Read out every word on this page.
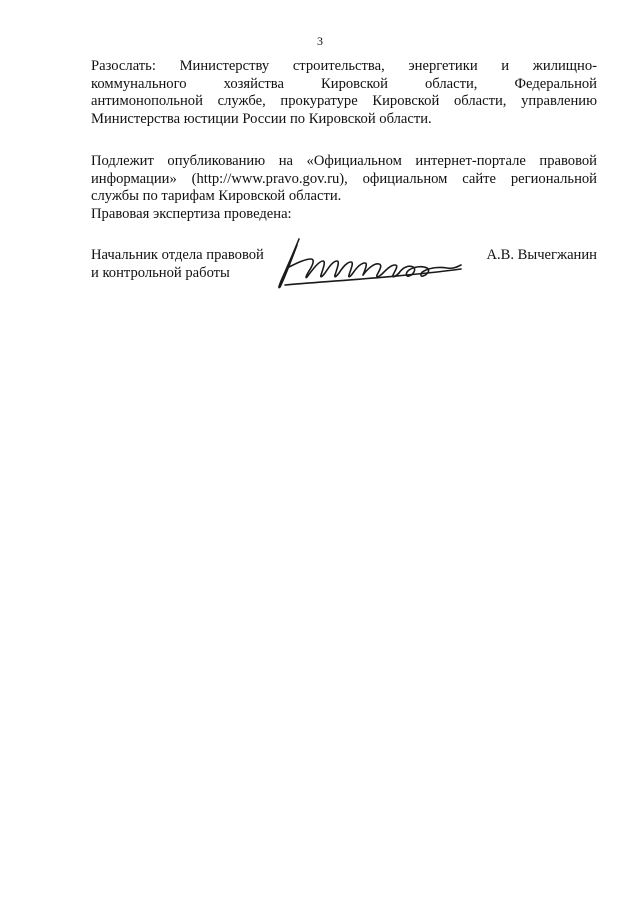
3
Разослать: Министерству строительства, энергетики и жилищно-
коммунального хозяйства Кировской области, Федеральной
антимонопольной службе, прокуратуре Кировской области, управлению
Министерства юстиции России по Кировской области.
Подлежит опубликованию на «Официальном интернет-портале правовой
информации» (http://www.pravo.gov.ru), официальном сайте региональной
службы по тарифам Кировской области.
Правовая экспертиза проведена:
Начальник отдела правовой
и контрольной работы
А.В. Вычегжанин
